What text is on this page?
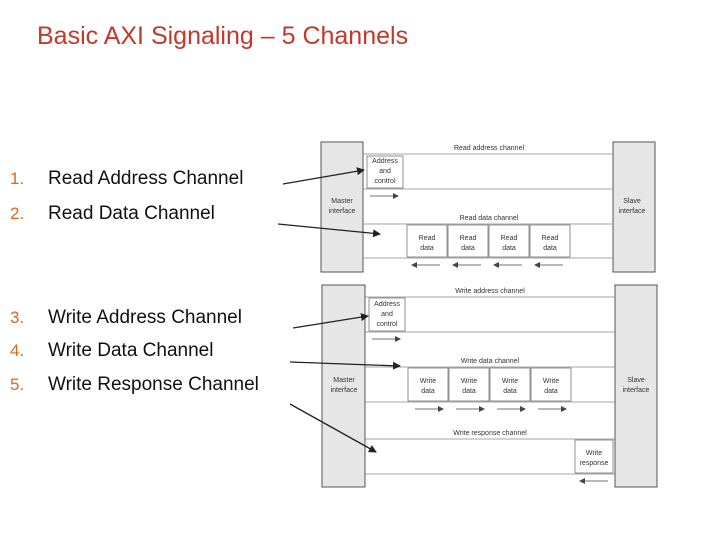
Basic AXI Signaling – 5 Channels
1. Read Address Channel
2. Read Data Channel
3. Write Address Channel
4. Write Data Channel
5. Write Response Channel
Master
interface
Slave
interface
Read address channel
Address
and
control
Read data channel
Read
data
Read
data
Read
data
Read
data
Master
interface
Slave
interface
Write address channel
Address
and
control
Write data channel
Write
data
Write
data
Write
data
Write
data
Write response channel
Write
response
